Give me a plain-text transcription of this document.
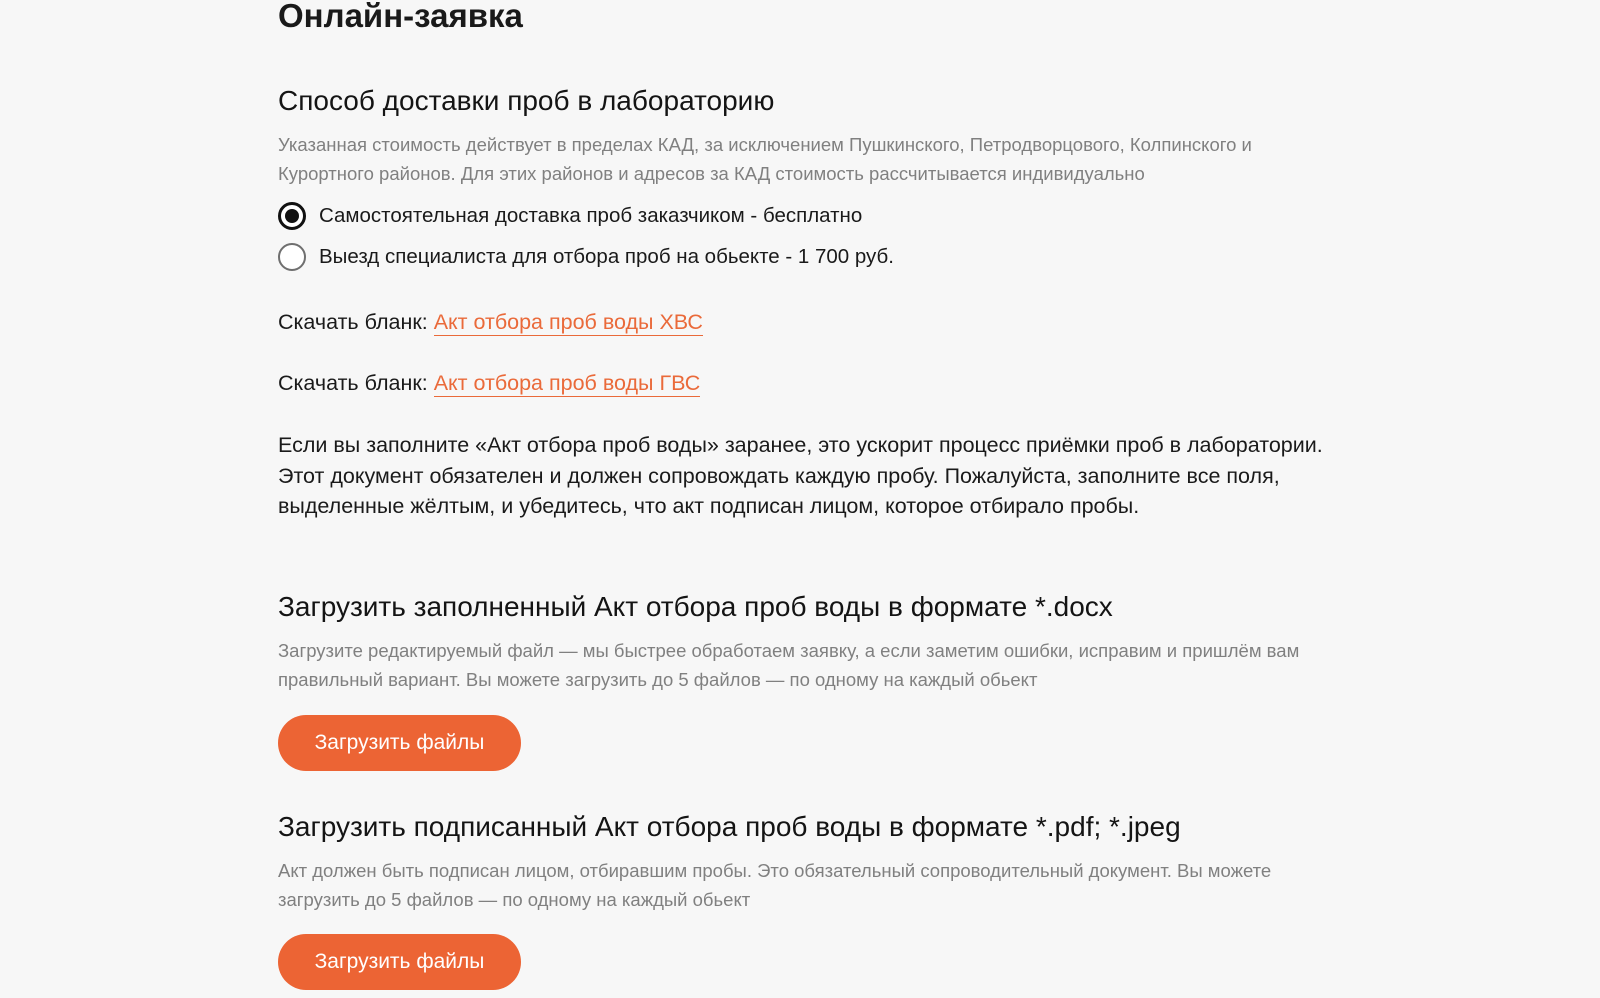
Онлайн-заявка
Способ доставки проб в лабораторию

Указанная стоимость действует в пределах КАД, за исключением Пушкинского, Петродворцового, Колпинского и Курортного районов. Для этих районов и адресов за КАД стоимость рассчитывается индивидуально

Самостоятельная доставка проб заказчиком - бесплатно
Выезд специалиста для отбора проб на обьекте - 1 700 руб.
Скачать бланк: Акт отбора проб воды ХВС
Скачать бланк: Акт отбора проб воды ГВС

Если вы заполните «Акт отбора проб воды» заранее, это ускорит процесс приёмки проб в лаборатории. Этот документ обязателен и должен сопровождать каждую пробу. Пожалуйста, заполните все поля, выделенные жёлтым, и убедитесь, что акт подписан лицом, которое отбирало пробы.

Загрузить заполненный Акт отбора проб воды в формате *.docx

Загрузите редактируемый файл — мы быстрее обработаем заявку, а если заметим ошибки, исправим и пришлём вам правильный вариант. Вы можете загрузить до 5 файлов — по одному на каждый обьект

Загрузить файлы
Загрузить подписанный Акт отбора проб воды в формате *.pdf; *.jpeg

Акт должен быть подписан лицом, отбиравшим пробы. Это обязательный сопроводительный документ. Вы можете загрузить до 5 файлов — по одному на каждый обьект

Загрузить файлы
